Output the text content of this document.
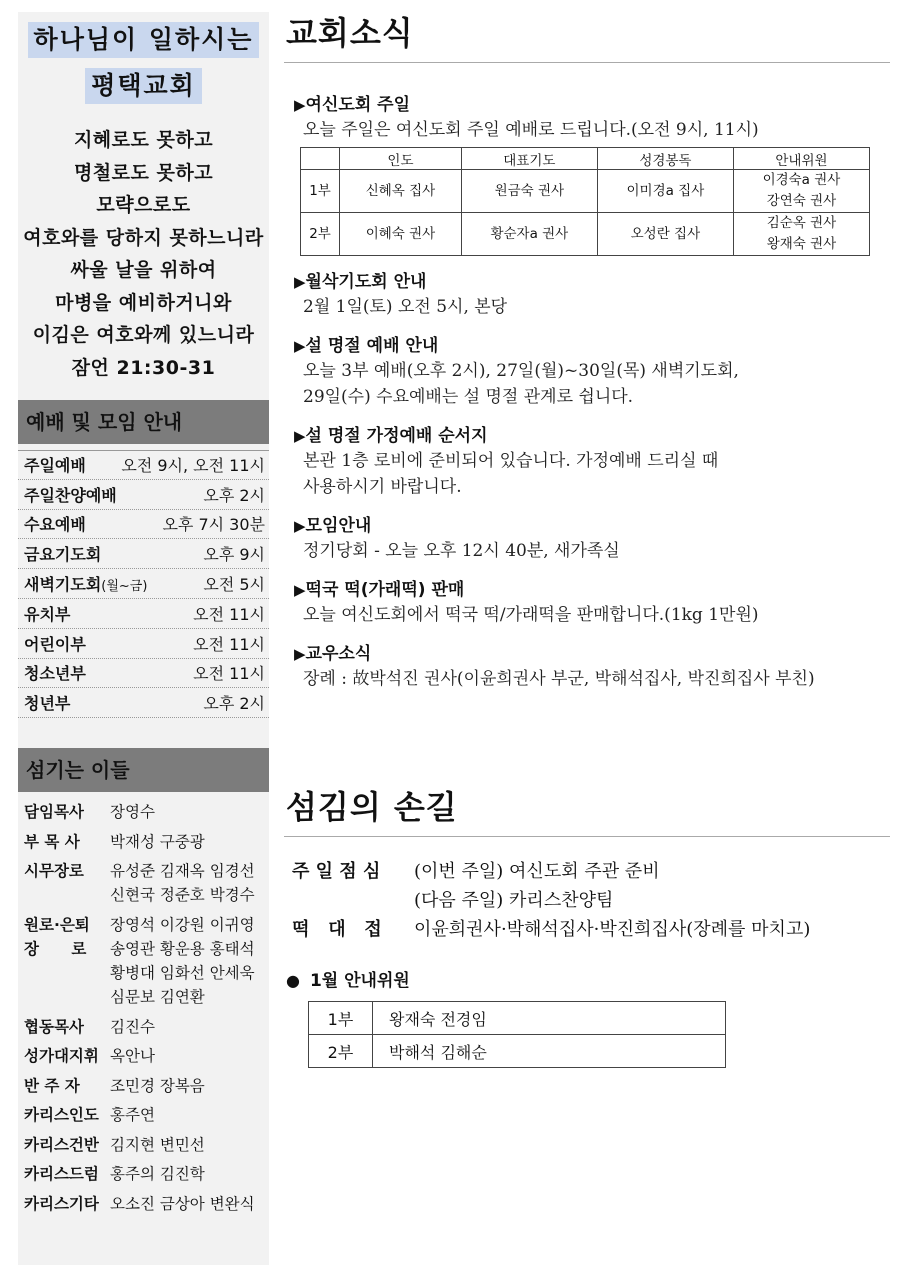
하나님이 일하시는
평택교회
지혜로도 못하고
명철로도 못하고
모략으로도
여호와를 당하지 못하느니라
싸울 날을 위하여
마병을 예비하거니와
이김은 여호와께 있느니라
잠언 21:30-31
예배 및 모임 안내
주일예배 오전 9시, 오전 11시
주일찬양예배	오후 2시
수요예배	오후 7시 30분
금요기도회	오후 9시
새벽기도회(월~금)	오전 5시
유치부	오전 11시
어린이부	오전 11시
청소년부	오전 11시
청년부	오후 2시
섬기는 이들
담임목사	장영수
부 목 사	박재성 구중광
시무장로	유성준 김재옥 임경선
신현국 정준호 박경수
원로·은퇴
장      로
장영석 이강원 이귀영
송영관 황운용 홍태석
황병대 임화선 안세욱
심문보 김연환
협동목사	김진수
성가대지휘 옥안나
반 주 자	조민경 장복음
카리스인도 홍주연
카리스건반 김지현 변민선
카리스드럼 홍주의 김진학
카리스기타 오소진 금상아 변완식
교회소식
▶여신도회 주일
오늘 주일은 여신도회 주일 예배로 드립니다.(오전 9시, 11시)
	인도	대표기도	성경봉독	안내위원

1부	신혜옥 집사	원금숙 권사	이미경a 집사	이경숙a 권사
강연숙 권사

2부	이혜숙 권사	황순자a 권사	오성란 집사	김순옥 권사
왕재숙 권사
▶월삭기도회 안내
2월 1일(토) 오전 5시, 본당
▶설 명절 예배 안내
오늘 3부 예배(오후 2시), 27일(월)~30일(목) 새벽기도회,
29일(수) 수요예배는 설 명절 관계로 쉽니다.
▶설 명절 가정예배 순서지
본관 1층 로비에 준비되어 있습니다. 가정예배 드리실 때
사용하시기 바랍니다.
▶모임안내
정기당회 - 오늘 오후 12시 40분, 새가족실
▶떡국 떡(가래떡) 판매
오늘 여신도회에서 떡국 떡/가래떡을 판매합니다.(1kg 1만원)
▶교우소식
장례 : 故박석진 권사(이윤희권사 부군, 박해석집사, 박진희집사 부친)
섬김의 손길
주 일 점 심	(이번 주일) 여신도회 주관 준비
(다음 주일) 카리스찬양팀
떡   대   접	이윤희권사·박해석집사·박진희집사(장례를 마치고)
● 1월 안내위원
1부	왕재숙 전경임
2부	박해석 김해순
